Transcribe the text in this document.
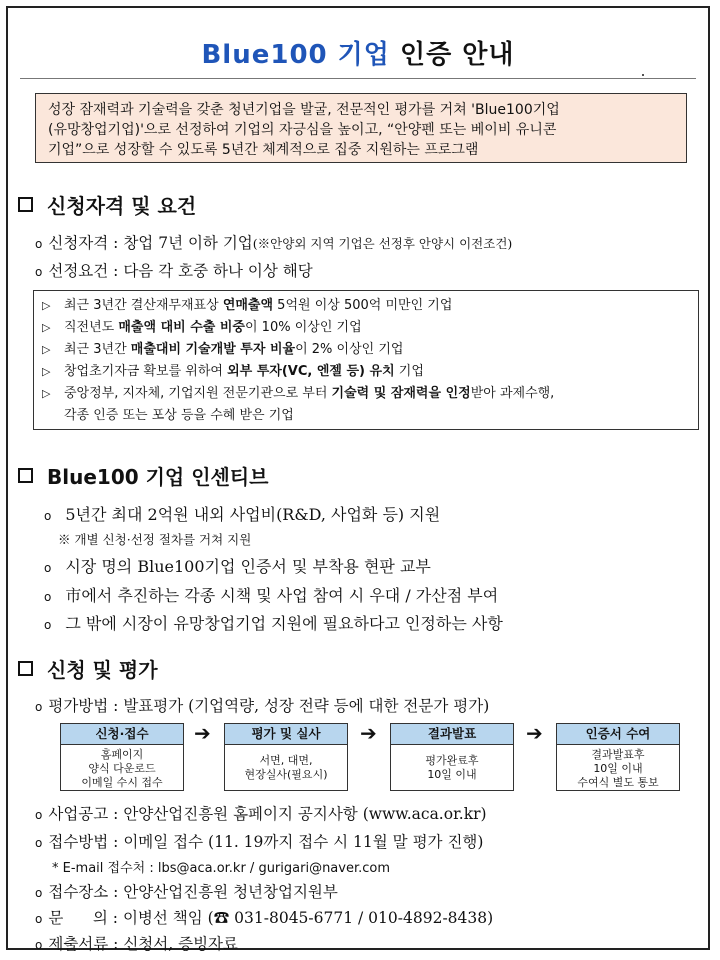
Blue100 기업 인증 안내
성장 잠재력과 기술력을 갖춘 청년기업을 발굴, 전문적인 평가를 거쳐 'Blue100기업
(유망창업기업)'으로 선정하여 기업의 자긍심을 높이고, “안양펜 또는 베이비 유니콘
기업”으로 성장할 수 있도록 5년간 체계적으로 집중 지원하는 프로그램
신청자격 및 요건
o 신청자격 : 창업 7년 이하 기업(※안양외 지역 기업은 선정후 안양시 이전조건)
o 선정요건 : 다음 각 호중 하나 이상 해당
▷	최근 3년간 결산재무재표상 연매출액 5억원 이상 500억 미만인 기업
▷	직전년도 매출액 대비 수출 비중이 10% 이상인 기업
▷	최근 3년간 매출대비 기술개발 투자 비율이 2% 이상인 기업
▷	창업초기자금 확보를 위하여 외부 투자(VC, 엔젤 등) 유치 기업
▷	중앙정부, 지자체, 기업지원 전문기관으로 부터 기술력 및 잠재력을 인정받아 과제수행,
각종 인증 또는 포상 등을 수혜 받은 기업
Blue100 기업 인센티브
o 5년간 최대 2억원 내외 사업비(R&D, 사업화 등) 지원
※ 개별 신청·선정 절차를 거쳐 지원
o 시장 명의 Blue100기업 인증서 및 부착용 현판 교부
o 市에서 추진하는 각종 시책 및 사업 참여 시 우대 / 가산점 부여
o 그 밖에 시장이 유망창업기업 지원에 필요하다고 인정하는 사항
신청 및 평가
o 평가방법 : 발표평가 (기업역량, 성장 전략 등에 대한 전문가 평가)
신청·접수
홈페이지
양식 다운로드
이메일 수시 접수
➔	평가 및 실사
서면, 대면,
현장실사(필요시)
➔	결과발표
평가완료후
10일 이내
➔	인증서 수여
결과발표후
10일 이내
수여식 별도 통보
o 사업공고 : 안양산업진흥원 홈페이지 공지사항 (www.aca.or.kr)
o 접수방법 : 이메일 접수 (11. 19까지 접수 시 11월 말 평가 진행)
* E-mail 접수처 : lbs@aca.or.kr / gurigari@naver.com
o 접수장소 : 안양산업진흥원 청년창업지원부
o 문      의 : 이병선 책임 (☎ 031-8045-6771 / 010-4892-8438)
o 제출서류 : 신청서, 증빙자료
